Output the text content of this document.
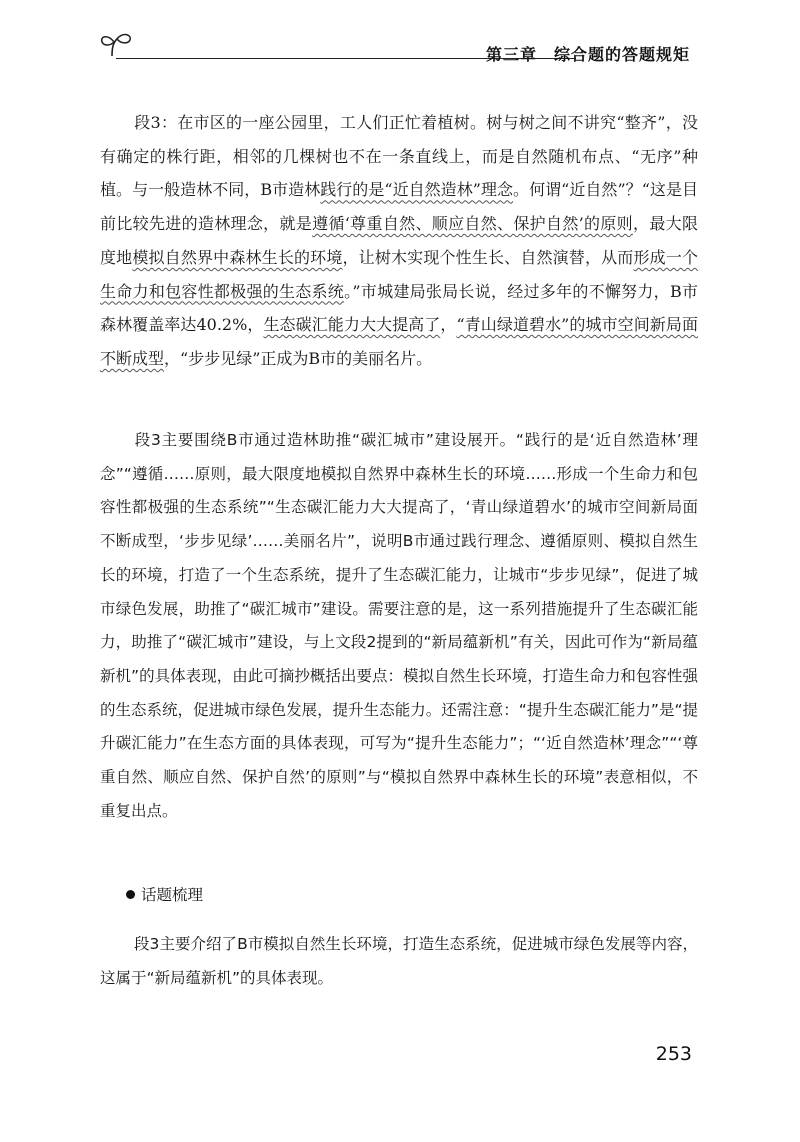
第三章　综合题的答题规矩

段3：在市区的一座公园里，工人们正忙着植树。树与树之间不讲究“整齐”，没有确定的株行距，相邻的几棵树也不在一条直线上，而是自然随机布点、“无序”种植。与一般造林不同，B市造林践行的是“近自然造林”理念。何谓“近自然”？“这是目前比较先进的造林理念，就是遵循‘尊重自然、顺应自然、保护自然’的原则，最大限度地模拟自然界中森林生长的环境，让树木实现个性生长、自然演替，从而形成一个生命力和包容性都极强的生态系统。”市城建局张局长说，经过多年的不懈努力，B市森林覆盖率达40.2%，生态碳汇能力大大提高了，“青山绿道碧水”的城市空间新局面不断成型，“步步见绿”正成为B市的美丽名片。

段3主要围绕B市通过造林助推“碳汇城市”建设展开。“践行的是‘近自然造林’理念”“遵循……原则，最大限度地模拟自然界中森林生长的环境……形成一个生命力和包容性都极强的生态系统”“生态碳汇能力大大提高了，‘青山绿道碧水’的城市空间新局面不断成型，‘步步见绿’……美丽名片”，说明B市通过践行理念、遵循原则、模拟自然生长的环境，打造了一个生态系统，提升了生态碳汇能力，让城市“步步见绿”，促进了城市绿色发展，助推了“碳汇城市”建设。需要注意的是，这一系列措施提升了生态碳汇能力，助推了“碳汇城市”建设，与上文段2提到的“新局蕴新机”有关，因此可作为“新局蕴新机”的具体表现，由此可摘抄概括出要点：模拟自然生长环境，打造生命力和包容性强的生态系统，促进城市绿色发展，提升生态能力。还需注意：“提升生态碳汇能力”是“提升碳汇能力”在生态方面的具体表现，可写为“提升生态能力”；“‘近自然造林’理念”“‘尊重自然、顺应自然、保护自然’的原则”与“模拟自然界中森林生长的环境”表意相似，不重复出点。

话题梳理

段3主要介绍了B市模拟自然生长环境，打造生态系统，促进城市绿色发展等内容，这属于“新局蕴新机”的具体表现。

253
